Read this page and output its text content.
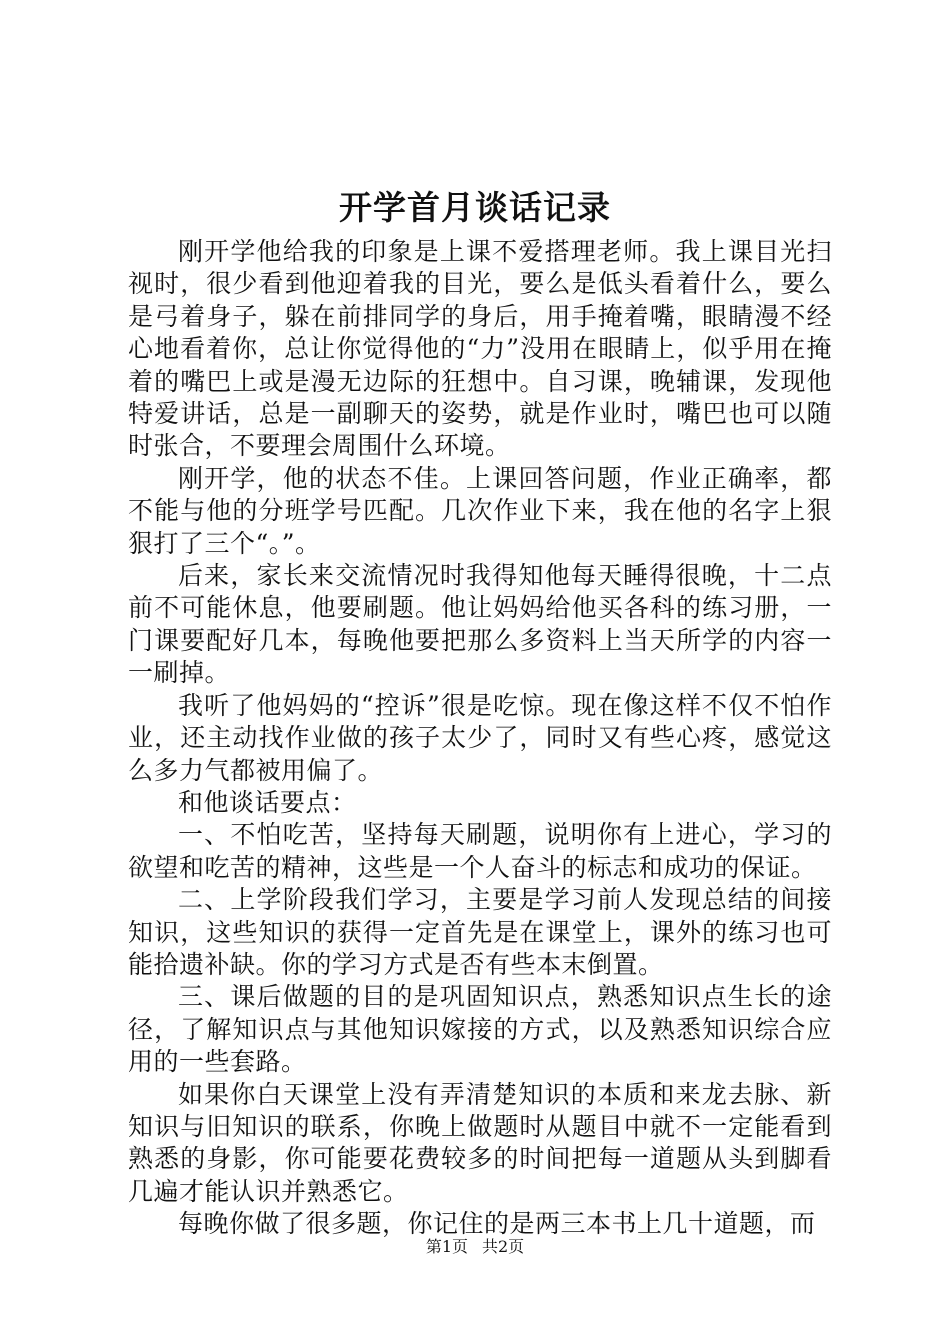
开学首月谈话记录

刚开学他给我的印象是上课不爱搭理老师。我上课目光扫视时，很少看到他迎着我的目光，要么是低头看着什么，要么是弓着身子，躲在前排同学的身后，用手掩着嘴，眼睛漫不经心地看着你，总让你觉得他的“力”没用在眼睛上，似乎用在掩着的嘴巴上或是漫无边际的狂想中。自习课，晚辅课，发现他特爱讲话，总是一副聊天的姿势，就是作业时，嘴巴也可以随时张合，不要理会周围什么环境。

刚开学，他的状态不佳。上课回答问题，作业正确率，都不能与他的分班学号匹配。几次作业下来，我在他的名字上狠狠打了三个“。”。

后来，家长来交流情况时我得知他每天睡得很晚，十二点前不可能休息，他要刷题。他让妈妈给他买各科的练习册，一门课要配好几本，每晚他要把那么多资料上当天所学的内容一一刷掉。

我听了他妈妈的“控诉”很是吃惊。现在像这样不仅不怕作业，还主动找作业做的孩子太少了，同时又有些心疼，感觉这么多力气都被用偏了。

和他谈话要点：

一、不怕吃苦，坚持每天刷题，说明你有上进心，学习的欲望和吃苦的精神，这些是一个人奋斗的标志和成功的保证。

二、上学阶段我们学习，主要是学习前人发现总结的间接知识，这些知识的获得一定首先是在课堂上，课外的练习也可能拾遗补缺。你的学习方式是否有些本末倒置。

三、课后做题的目的是巩固知识点，熟悉知识点生长的途径，了解知识点与其他知识嫁接的方式，以及熟悉知识综合应用的一些套路。

如果你白天课堂上没有弄清楚知识的本质和来龙去脉、新知识与旧知识的联系，你晚上做题时从题目中就不一定能看到熟悉的身影，你可能要花费较多的时间把每一道题从头到脚看几遍才能认识并熟悉它。

每晚你做了很多题，你记住的是两三本书上几十道题，而

第1页 共2页
